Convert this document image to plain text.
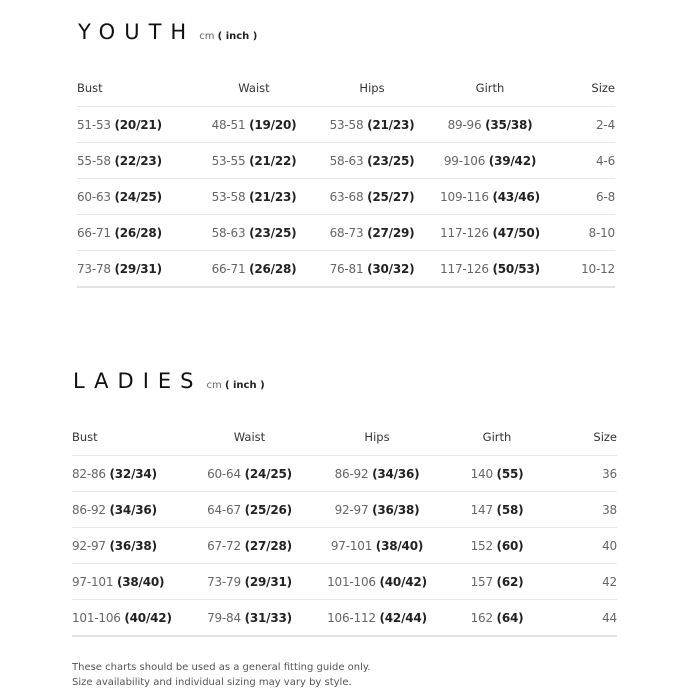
YOUTH cm ( inch )
Bust	Waist	Hips	Girth	Size
51-53 (20/21)	48-51 (19/20)	53-58 (21/23)	89-96 (35/38)	2-4
55-58 (22/23)	53-55 (21/22)	58-63 (23/25)	99-106 (39/42)	4-6
60-63 (24/25)	53-58 (21/23)	63-68 (25/27)	109-116 (43/46)	6-8
66-71 (26/28)	58-63 (23/25)	68-73 (27/29)	117-126 (47/50)	8-10
73-78 (29/31)	66-71 (26/28)	76-81 (30/32)	117-126 (50/53)	10-12
LADIES cm ( inch )
Bust	Waist	Hips	Girth	Size
82-86 (32/34)	60-64 (24/25)	86-92 (34/36)	140 (55)	36
86-92 (34/36)	64-67 (25/26)	92-97 (36/38)	147 (58)	38
92-97 (36/38)	67-72 (27/28)	97-101 (38/40)	152 (60)	40
97-101 (38/40)	73-79 (29/31)	101-106 (40/42)	157 (62)	42
101-106 (40/42)	79-84 (31/33)	106-112 (42/44)	162 (64)	44
These charts should be used as a general fitting guide only.
Size availability and individual sizing may vary by style.
